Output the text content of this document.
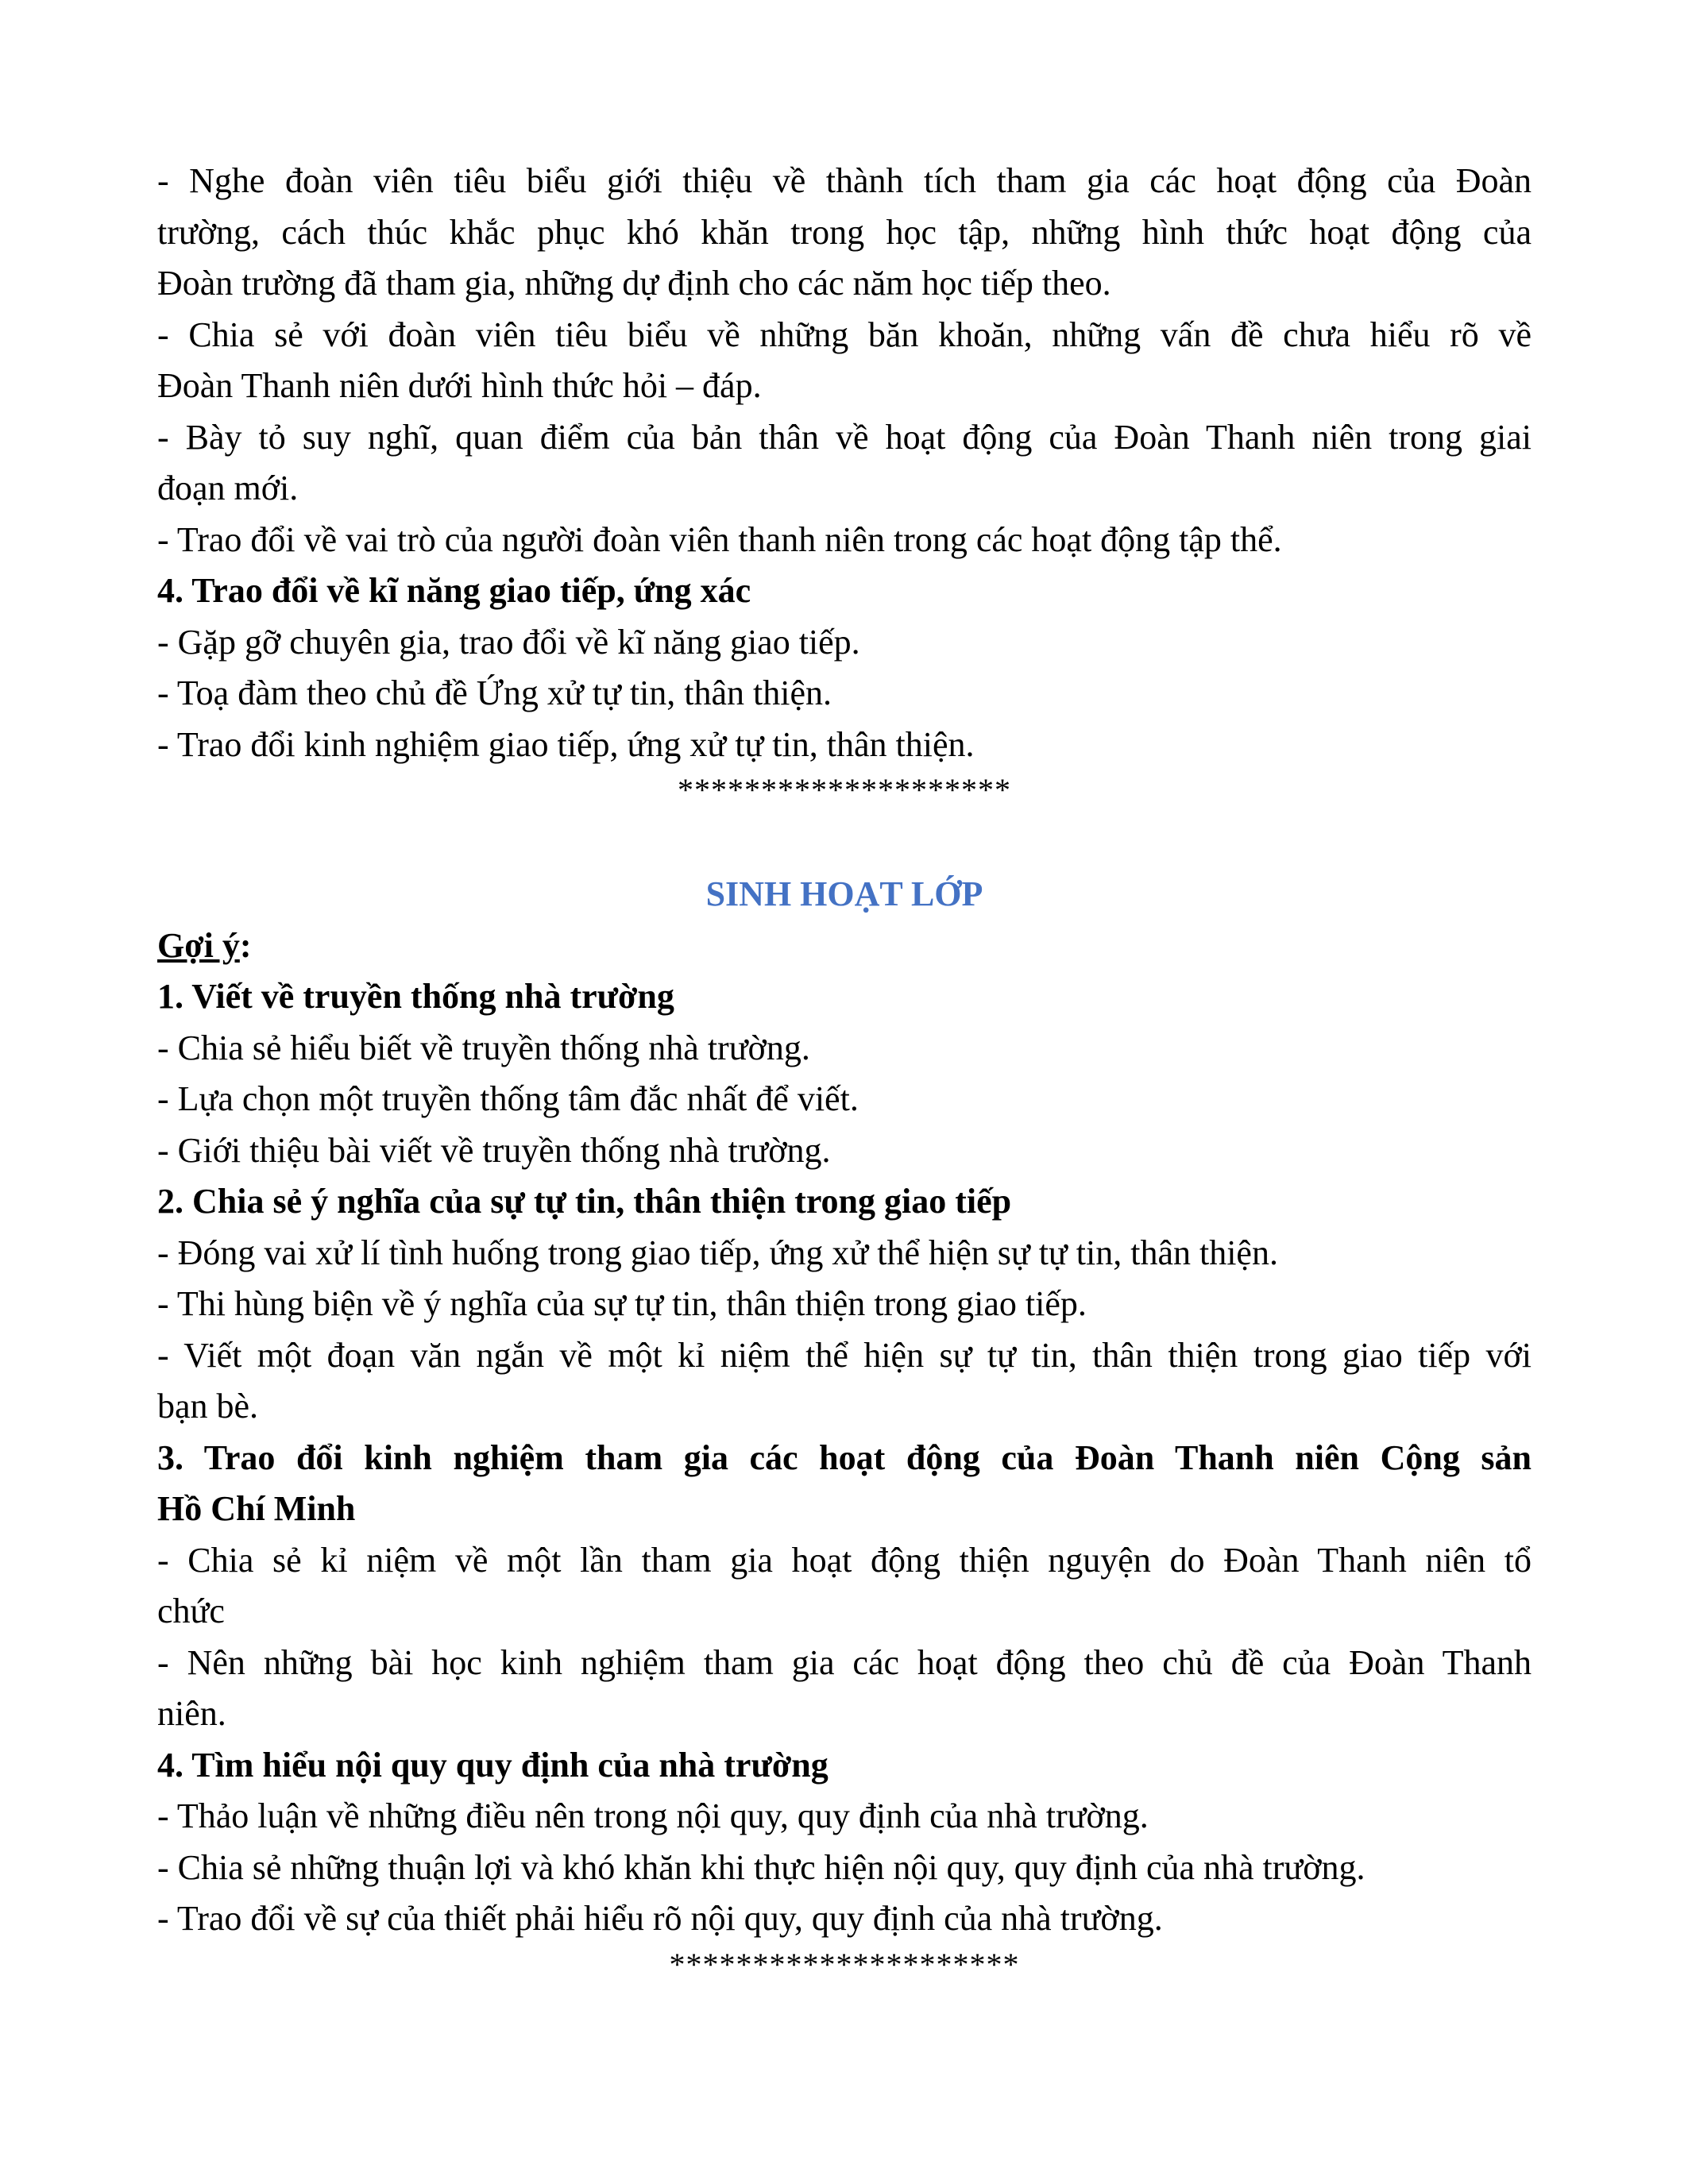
- Nghe đoàn viên tiêu biểu giới thiệu về thành tích tham gia các hoạt động của Đoàn

trường, cách thúc khắc phục khó khăn trong học tập, những hình thức hoạt động của

Đoàn trường đã tham gia, những dự định cho các năm học tiếp theo.

- Chia sẻ với đoàn viên tiêu biểu về những băn khoăn, những vấn đề chưa hiểu rõ về

Đoàn Thanh niên dưới hình thức hỏi – đáp.

- Bày tỏ suy nghĩ, quan điểm của bản thân về hoạt động của Đoàn Thanh niên trong giai

đoạn mới.

- Trao đổi về vai trò của người đoàn viên thanh niên trong các hoạt động tập thể.

4. Trao đổi về kĩ năng giao tiếp, ứng xác

- Gặp gỡ chuyên gia, trao đổi về kĩ năng giao tiếp.

- Toạ đàm theo chủ đề Ứng xử tự tin, thân thiện.

- Trao đổi kinh nghiệm giao tiếp, ứng xử tự tin, thân thiện.

********************

SINH HOẠT LỚP

Gợi ý:

1. Viết về truyền thống nhà trường

- Chia sẻ hiểu biết về truyền thống nhà trường.

- Lựa chọn một truyền thống tâm đắc nhất để viết.

- Giới thiệu bài viết về truyền thống nhà trường.

2. Chia sẻ ý nghĩa của sự tự tin, thân thiện trong giao tiếp

- Đóng vai xử lí tình huống trong giao tiếp, ứng xử thể hiện sự tự tin, thân thiện.

- Thi hùng biện về ý nghĩa của sự tự tin, thân thiện trong giao tiếp.

- Viết một đoạn văn ngắn về một kỉ niệm thể hiện sự tự tin, thân thiện trong giao tiếp với

bạn bè.

3. Trao đổi kinh nghiệm tham gia các hoạt động của Đoàn Thanh niên Cộng sản

Hồ Chí Minh

- Chia sẻ kỉ niệm về một lần tham gia hoạt động thiện nguyện do Đoàn Thanh niên tổ

chức

- Nên những bài học kinh nghiệm tham gia các hoạt động theo chủ đề của Đoàn Thanh

niên.

4. Tìm hiểu nội quy quy định của nhà trường

- Thảo luận về những điều nên trong nội quy, quy định của nhà trường.

- Chia sẻ những thuận lợi và khó khăn khi thực hiện nội quy, quy định của nhà trường.

- Trao đổi về sự của thiết phải hiểu rõ nội quy, quy định của nhà trường.

*********************
